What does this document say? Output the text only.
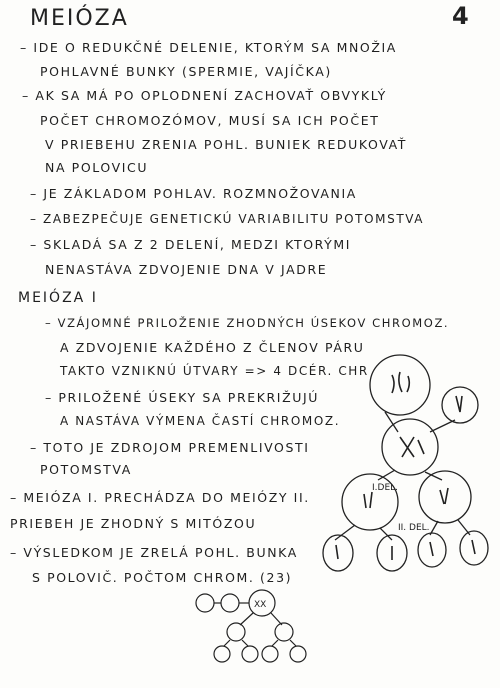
MEIÓZA	4
– IDE O REDUKČNÉ DELENIE, KTORÝM SA MNOŽIA
POHLAVNÉ BUNKY (SPERMIE, VAJÍČKA)
– AK SA MÁ PO OPLODNENÍ ZACHOVAŤ OBVYKLÝ
POČET CHROMOZÓMOV, MUSÍ SA ICH POČET
V PRIEBEHU ZRENIA POHL. BUNIEK REDUKOVAŤ
NA POLOVICU
– JE ZÁKLADOM POHLAV. ROZMNOŽOVANIA
– ZABEZPEČUJE GENETICKÚ VARIABILITU POTOMSTVA
– SKLADÁ SA Z 2 DELENÍ, MEDZI KTORÝMI
NENASTÁVA ZDVOJENIE DNA V JADRE
MEIÓZA I
– VZÁJOMNÉ PRILOŽENIE ZHODNÝCH ÚSEKOV CHROMOZ.
A ZDVOJENIE KAŽDÉHO Z ČLENOV PÁRU
TAKTO VZNIKNÚ ÚTVARY => 4 DCÉR. CHR
– PRILOŽENÉ ÚSEKY SA PREKRIŽUJÚ
A NASTÁVA VÝMENA ČASTÍ CHROMOZ.
– TOTO JE ZDROJOM PREMENLIVOSTI
POTOMSTVA
– MEIÓZA I. PRECHÁDZA DO MEIÓZY II.
PRIEBEH JE ZHODNÝ S MITÓZOU
– VÝSLEDKOM JE ZRELÁ POHL. BUNKA
S POLOVIČ. POČTOM CHROM. (23)
I.DEL.
II. DEL.
XX
